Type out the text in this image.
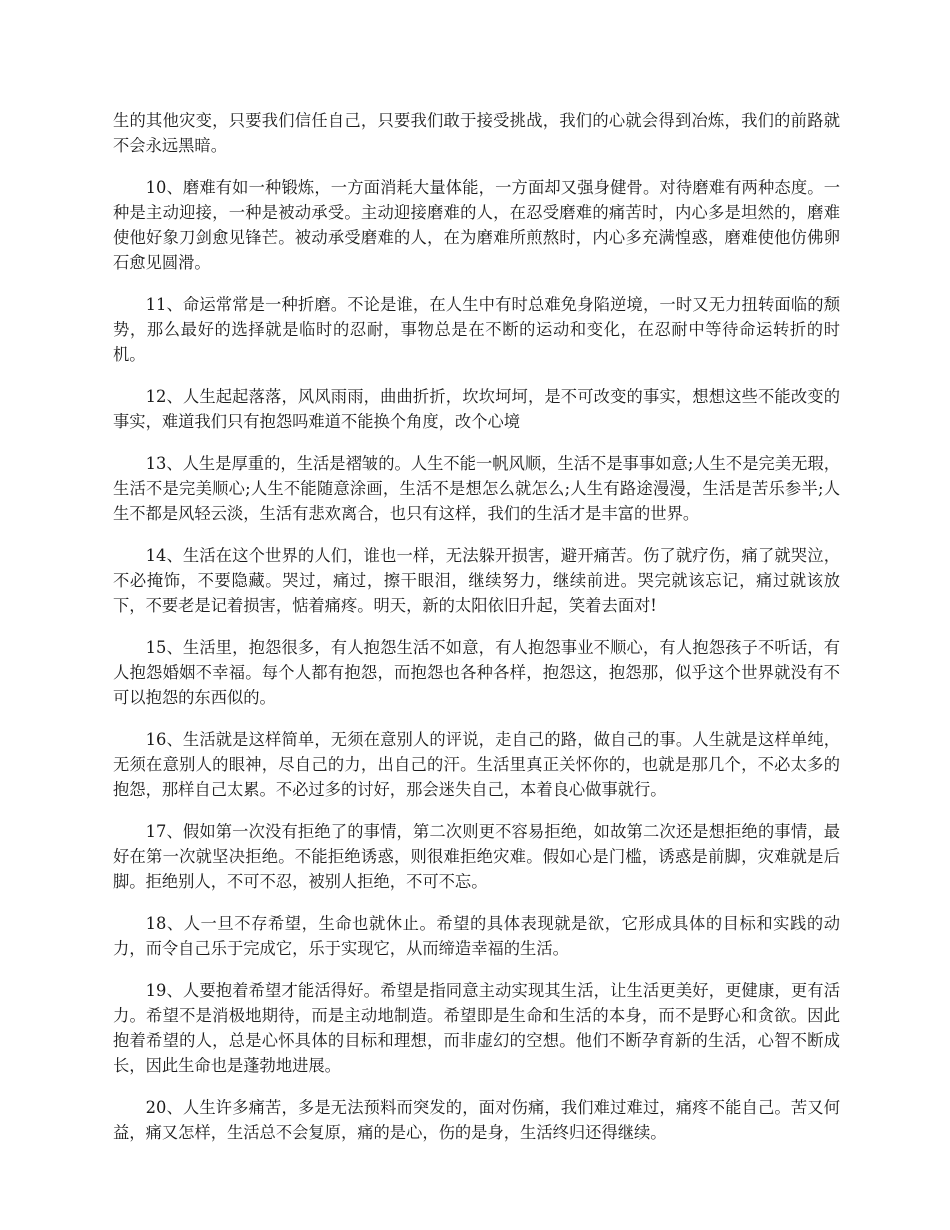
生的其他灾变，只要我们信任自己，只要我们敢于接受挑战，我们的心就会得到冶炼，我们的前路就不会永远黑暗。

10、磨难有如一种锻炼，一方面消耗大量体能，一方面却又强身健骨。对待磨难有两种态度。一种是主动迎接，一种是被动承受。主动迎接磨难的人，在忍受磨难的痛苦时，内心多是坦然的，磨难使他好象刀剑愈见锋芒。被动承受磨难的人，在为磨难所煎熬时，内心多充满惶惑，磨难使他仿佛卵石愈见圆滑。

11、命运常常是一种折磨。不论是谁，在人生中有时总难免身陷逆境，一时又无力扭转面临的颓势，那么最好的选择就是临时的忍耐，事物总是在不断的运动和变化，在忍耐中等待命运转折的时机。

12、人生起起落落，风风雨雨，曲曲折折，坎坎坷坷，是不可改变的事实，想想这些不能改变的事实，难道我们只有抱怨吗难道不能换个角度，改个心境

13、人生是厚重的，生活是褶皱的。人生不能一帆风顺，生活不是事事如意;人生不是完美无瑕，生活不是完美顺心;人生不能随意涂画，生活不是想怎么就怎么;人生有路途漫漫，生活是苦乐参半;人生不都是风轻云淡，生活有悲欢离合，也只有这样，我们的生活才是丰富的世界。

14、生活在这个世界的人们，谁也一样，无法躲开损害，避开痛苦。伤了就疗伤，痛了就哭泣，不必掩饰，不要隐藏。哭过，痛过，擦干眼泪，继续努力，继续前进。哭完就该忘记，痛过就该放下，不要老是记着损害，惦着痛疼。明天，新的太阳依旧升起，笑着去面对!

15、生活里，抱怨很多，有人抱怨生活不如意，有人抱怨事业不顺心，有人抱怨孩子不听话，有人抱怨婚姻不幸福。每个人都有抱怨，而抱怨也各种各样，抱怨这，抱怨那，似乎这个世界就没有不可以抱怨的东西似的。

16、生活就是这样简单，无须在意别人的评说，走自己的路，做自己的事。人生就是这样单纯，无须在意别人的眼神，尽自己的力，出自己的汗。生活里真正关怀你的，也就是那几个，不必太多的抱怨，那样自己太累。不必过多的讨好，那会迷失自己，本着良心做事就行。

17、假如第一次没有拒绝了的事情，第二次则更不容易拒绝，如故第二次还是想拒绝的事情，最好在第一次就坚决拒绝。不能拒绝诱惑，则很难拒绝灾难。假如心是门槛，诱惑是前脚，灾难就是后脚。拒绝别人，不可不忍，被别人拒绝，不可不忘。

18、人一旦不存希望，生命也就休止。希望的具体表现就是欲，它形成具体的目标和实践的动力，而令自己乐于完成它，乐于实现它，从而缔造幸福的生活。

19、人要抱着希望才能活得好。希望是指同意主动实现其生活，让生活更美好，更健康，更有活力。希望不是消极地期待，而是主动地制造。希望即是生命和生活的本身，而不是野心和贪欲。因此抱着希望的人，总是心怀具体的目标和理想，而非虚幻的空想。他们不断孕育新的生活，心智不断成长，因此生命也是蓬勃地进展。

20、人生许多痛苦，多是无法预料而突发的，面对伤痛，我们难过难过，痛疼不能自己。苦又何益，痛又怎样，生活总不会复原，痛的是心，伤的是身，生活终归还得继续。
